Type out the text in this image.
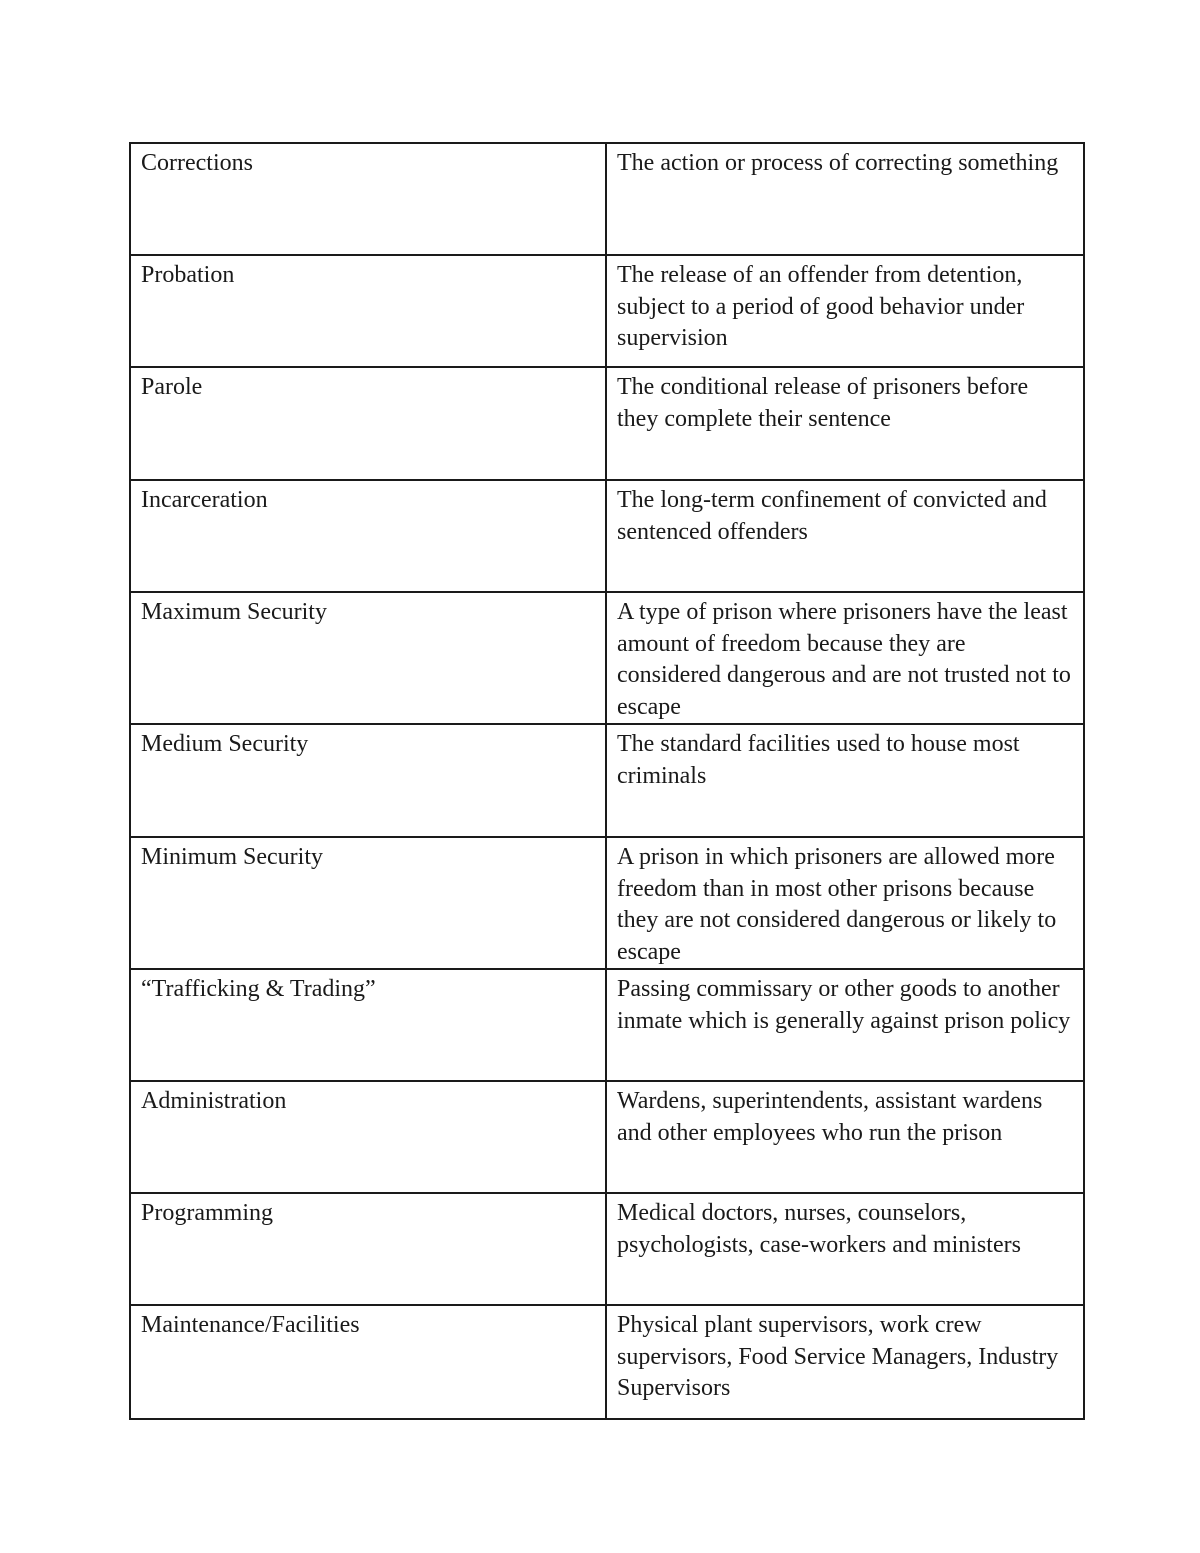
Corrections	The action or process of correcting something
Probation	The release of an offender from detention, subject to a period of good behavior under supervision
Parole	The conditional release of prisoners before they complete their sentence
Incarceration	The long-term confinement of convicted and sentenced offenders
Maximum Security	A type of prison where prisoners have the least amount of freedom because they are considered dangerous and are not trusted not to escape
Medium Security	The standard facilities used to house most criminals
Minimum Security	A prison in which prisoners are allowed more freedom than in most other prisons because they are not considered dangerous or likely to escape
“Trafficking & Trading”	Passing commissary or other goods to another inmate which is generally against prison policy
Administration	Wardens, superintendents, assistant wardens and other employees who run the prison
Programming	Medical doctors, nurses, counselors, psychologists, case-workers and ministers
Maintenance/Facilities	Physical plant supervisors, work crew supervisors, Food Service Managers, Industry Supervisors
